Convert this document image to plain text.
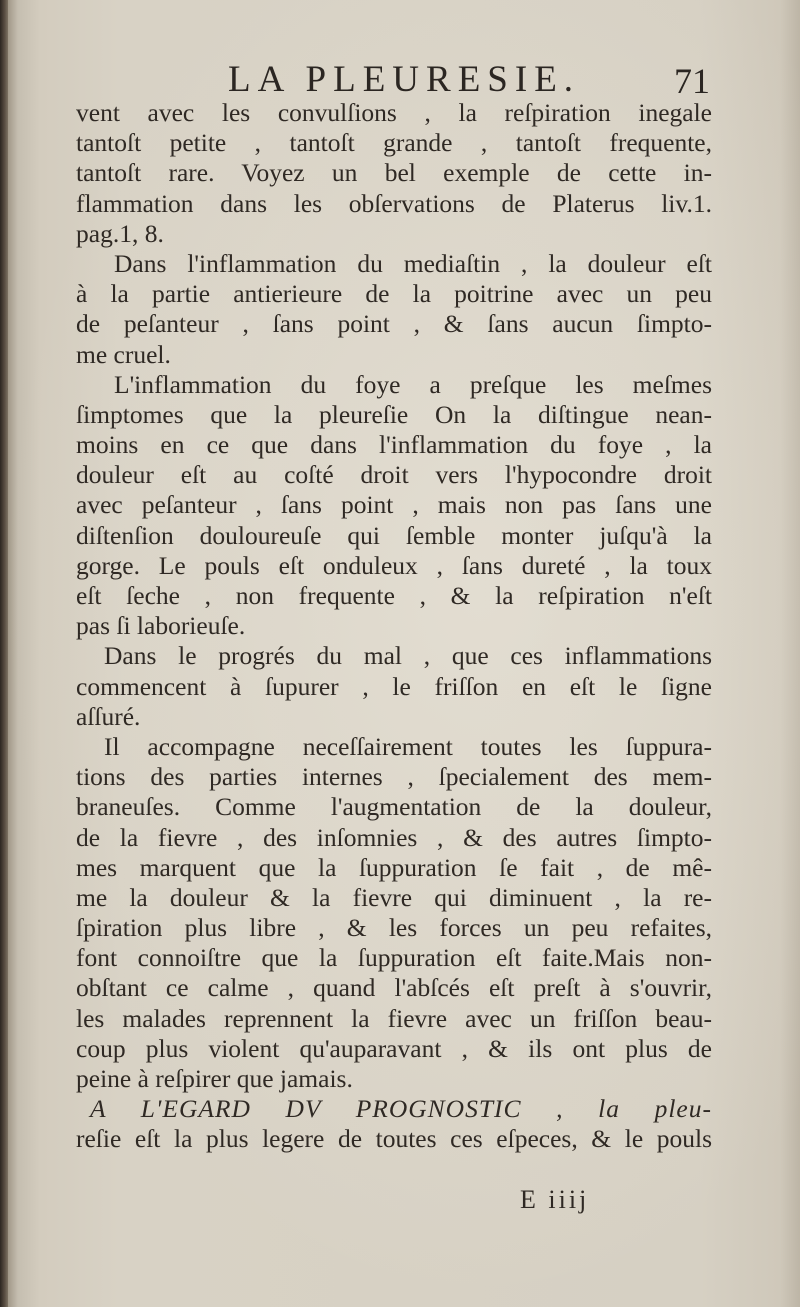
LA PLEURESIE.	71
vent avec les convulſions , la reſpiration inegale
tantoſt petite , tantoſt grande , tantoſt frequente,
tantoſt rare. Voyez un bel exemple de cette in-
flammation dans les obſervations de Platerus liv.1.
pag.1, 8.
Dans l'inflammation du mediaſtin , la douleur eſt
à la partie antierieure de la poitrine avec un peu
de peſanteur , ſans point , & ſans aucun ſimpto-
me cruel.
L'inflammation du foye a preſque les meſmes
ſimptomes que la pleureſie On la diſtingue nean-
moins en ce que dans l'inflammation du foye , la
douleur eſt au coſté droit vers l'hypocondre droit
avec peſanteur , ſans point , mais non pas ſans une
diſtenſion douloureuſe qui ſemble monter juſqu'à la
gorge. Le pouls eſt onduleux , ſans dureté , la toux
eſt ſeche , non frequente , & la reſpiration n'eſt
pas ſi laborieuſe.
Dans le progrés du mal , que ces inflammations
commencent à ſupurer , le friſſon en eſt le ſigne
aſſuré.
Il accompagne neceſſairement toutes les ſuppura-
tions des parties internes , ſpecialement des mem-
braneuſes. Comme l'augmentation de la douleur,
de la fievre , des inſomnies , & des autres ſimpto-
mes marquent que la ſuppuration ſe fait , de mê-
me la douleur & la fievre qui diminuent , la re-
ſpiration plus libre , & les forces un peu refaites,
font connoiſtre que la ſuppuration eſt faite.Mais non-
obſtant ce calme , quand l'abſcés eſt preſt à s'ouvrir,
les malades reprennent la fievre avec un friſſon beau-
coup plus violent qu'auparavant , & ils ont plus de
peine à reſpirer que jamais.
A L'EGARD DV PROGNOSTIC , la pleu-
reſie eſt la plus legere de toutes ces eſpeces, & le pouls
E iiij
